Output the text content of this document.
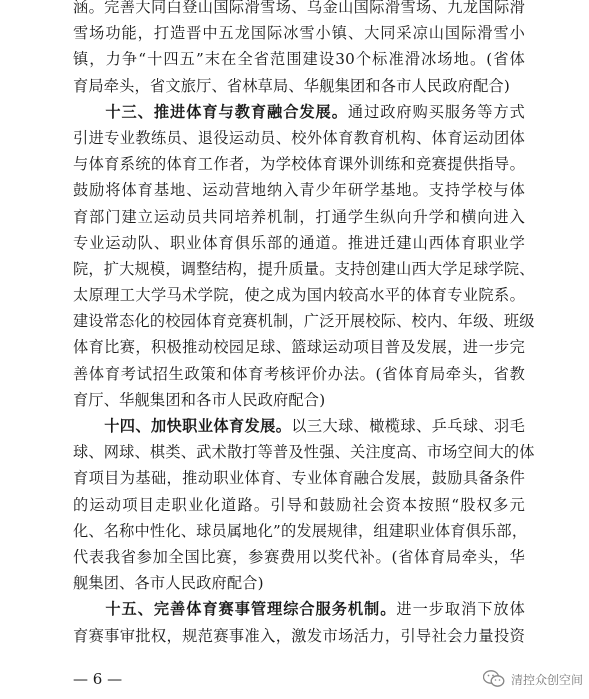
涵。完善大同白登山国际滑雪场、乌金山国际滑雪场、九龙国际滑
雪场功能，打造晋中五龙国际冰雪小镇、大同采凉山国际滑雪小
镇，力争“十四五”末在全省范围建设30个标准滑冰场地。(省体
育局牵头，省文旅厅、省林草局、华舰集团和各市人民政府配合)
　　十三、推进体育与教育融合发展。通过政府购买服务等方式
引进专业教练员、退役运动员、校外体育教育机构、体育运动团体
与体育系统的体育工作者，为学校体育课外训练和竞赛提供指导。
鼓励将体育基地、运动营地纳入青少年研学基地。支持学校与体
育部门建立运动员共同培养机制，打通学生纵向升学和横向进入
专业运动队、职业体育俱乐部的通道。推进迁建山西体育职业学
院，扩大规模，调整结构，提升质量。支持创建山西大学足球学院、
太原理工大学马术学院，使之成为国内较高水平的体育专业院系。
建设常态化的校园体育竞赛机制，广泛开展校际、校内、年级、班级
体育比赛，积极推动校园足球、篮球运动项目普及发展，进一步完
善体育考试招生政策和体育考核评价办法。(省体育局牵头，省教
育厅、华舰集团和各市人民政府配合)
　　十四、加快职业体育发展。以三大球、橄榄球、乒乓球、羽毛
球、网球、棋类、武术散打等普及性强、关注度高、市场空间大的体
育项目为基础，推动职业体育、专业体育融合发展，鼓励具备条件
的运动项目走职业化道路。引导和鼓励社会资本按照“股权多元
化、名称中性化、球员属地化”的发展规律，组建职业体育俱乐部，
代表我省参加全国比赛，参赛费用以奖代补。(省体育局牵头，华
舰集团、各市人民政府配合)
　　十五、完善体育赛事管理综合服务机制。进一步取消下放体
育赛事审批权，规范赛事准入，激发市场活力，引导社会力量投资
— 6 —	清控众创空间
